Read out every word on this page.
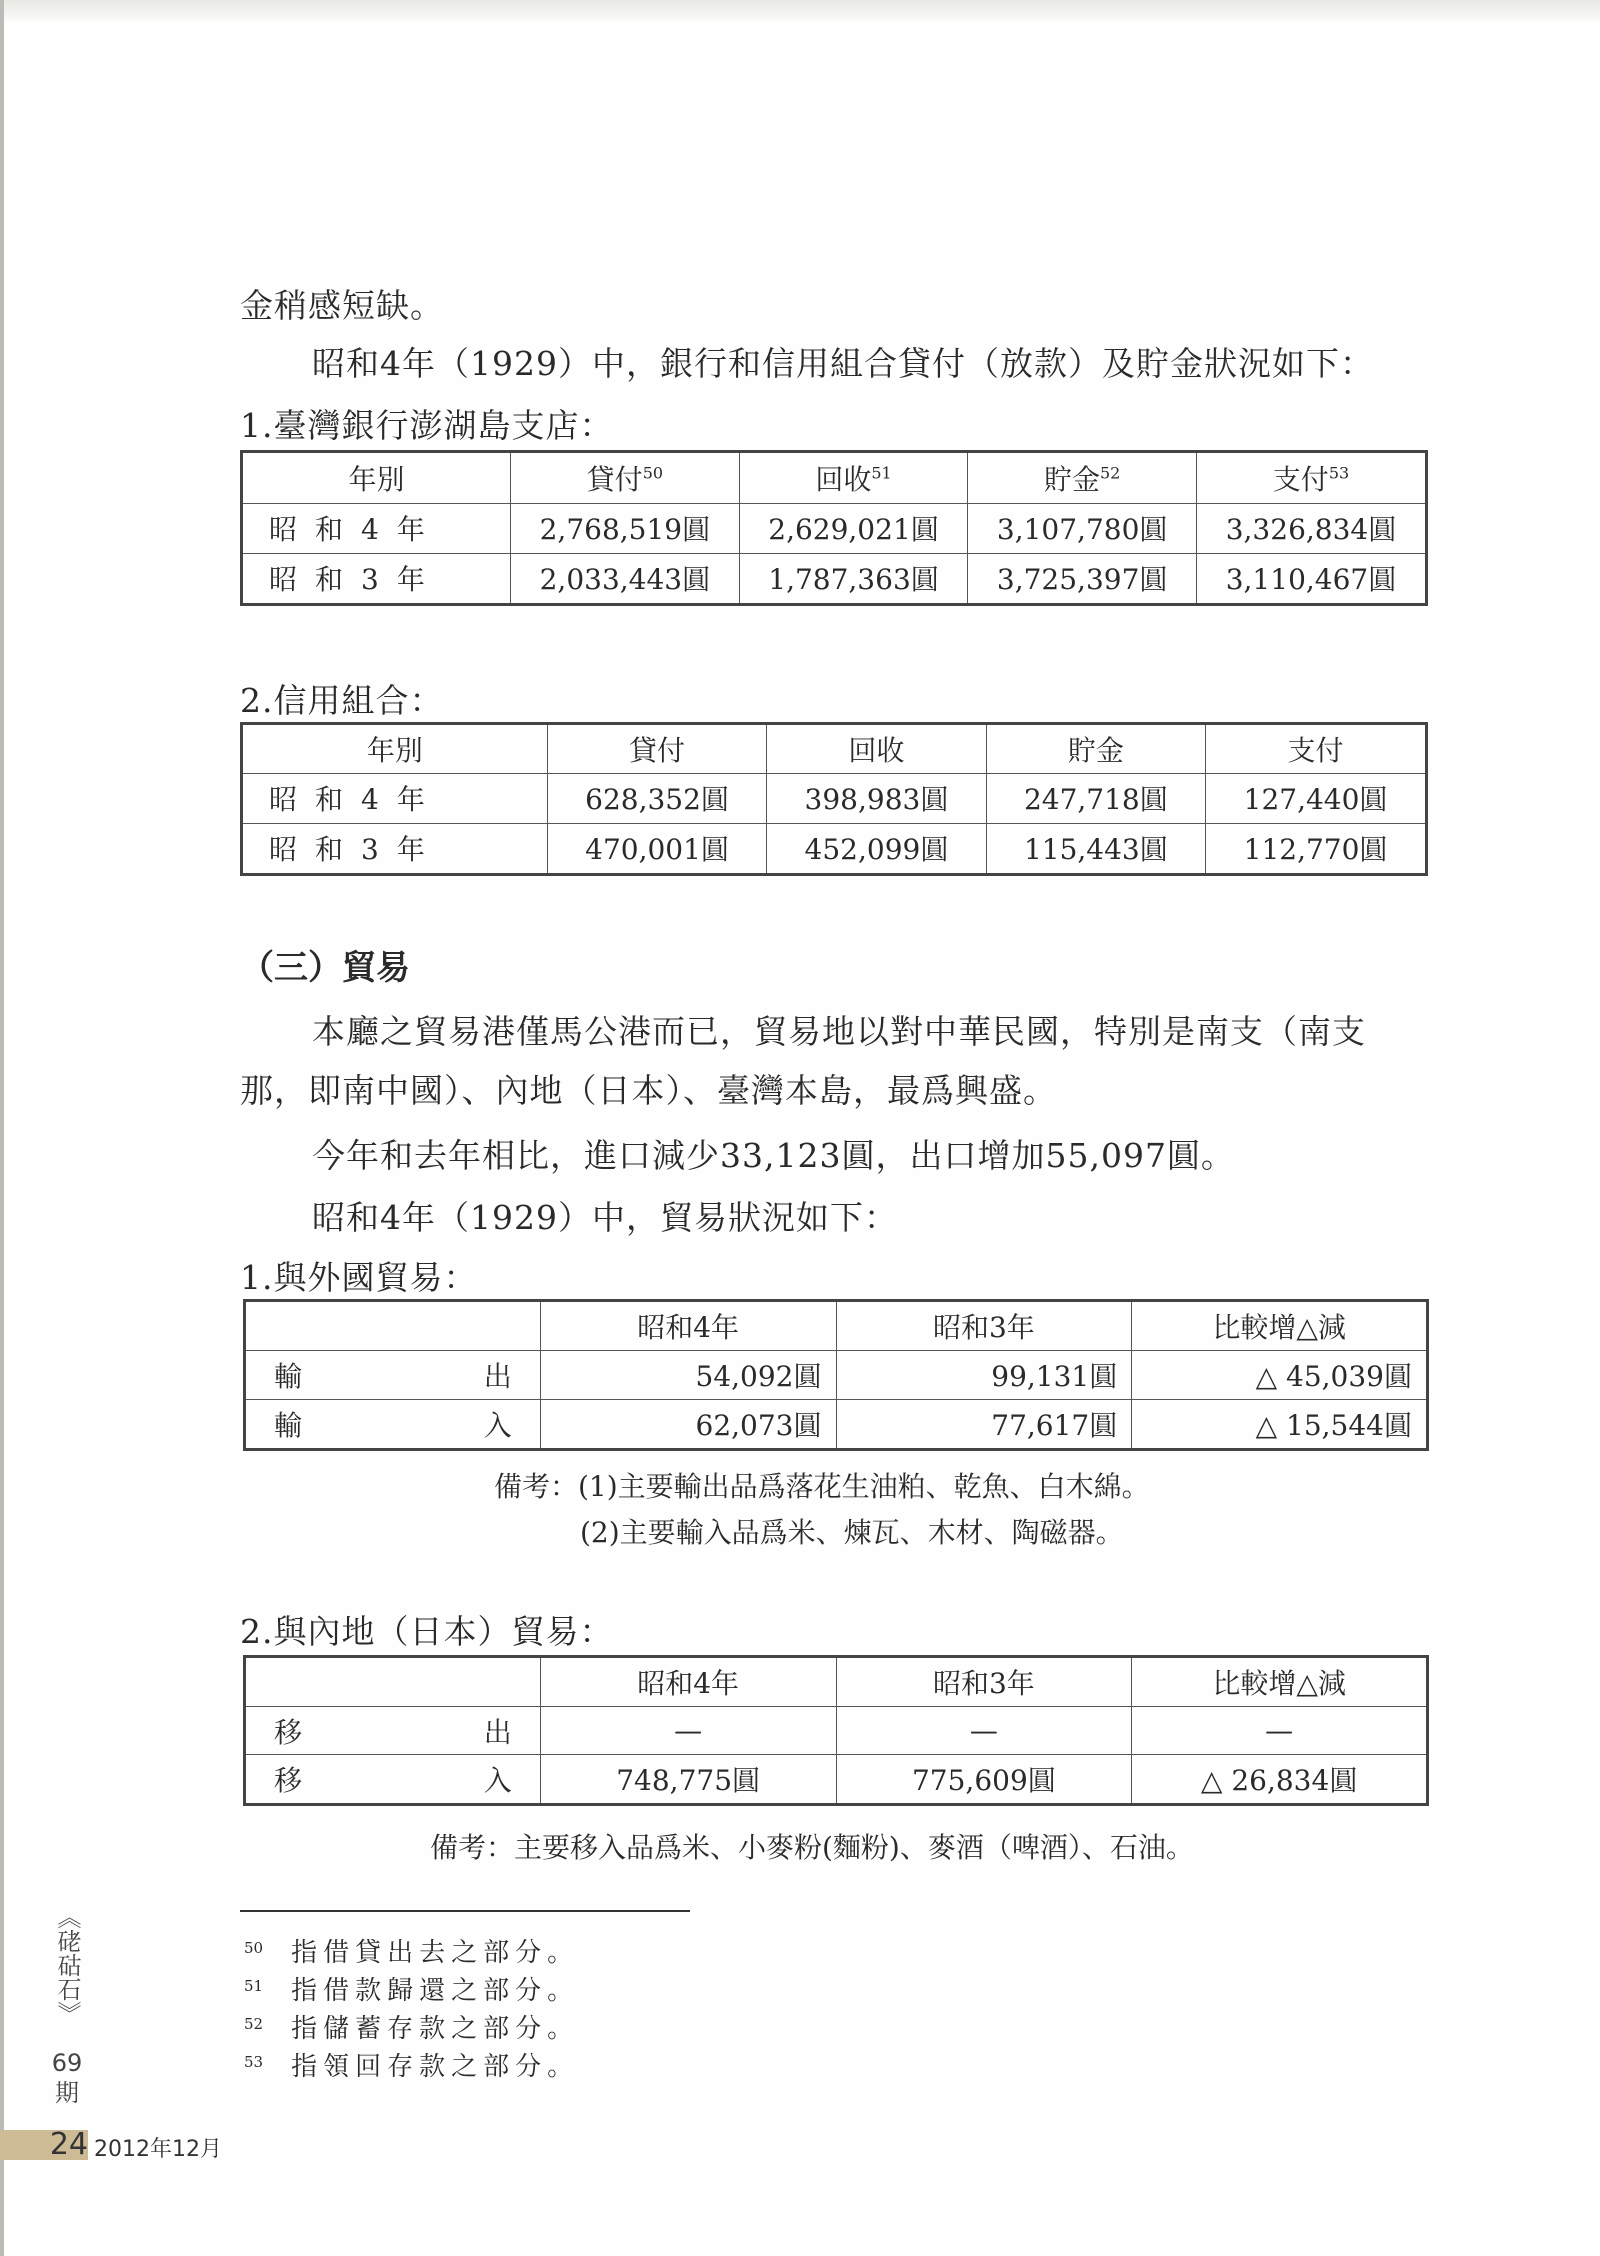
金稍感短缺。
昭和4年（1929）中，銀行和信用組合貸付（放款）及貯金狀況如下：
1.臺灣銀行澎湖島支店：
年別	貸付$^{50}$	回收$^{51}$	貯金$^{52}$	支付$^{53}$
昭和4年	2,768,519圓	2,629,021圓	3,107,780圓	3,326,834圓
昭和3年	2,033,443圓	1,787,363圓	3,725,397圓	3,110,467圓
2.信用組合：
年別	貸付	回收	貯金	支付
昭和4年	628,352圓	398,983圓	247,718圓	127,440圓
昭和3年	470,001圓	452,099圓	115,443圓	112,770圓
（三）貿易
本廳之貿易港僅馬公港而已，貿易地以對中華民國，特別是南支（南支
那，即南中國）、內地（日本）、臺灣本島，最爲興盛。
今年和去年相比，進口減少33,123圓，出口增加55,097圓。
昭和4年（1929）中，貿易狀況如下：
1.與外國貿易：
	昭和4年	昭和3年	比較增△減

輸 出	54,092圓	99,131圓	△ 45,039圓

輸 入	62,073圓	77,617圓	△ 15,544圓
備考：(1)主要輸出品爲落花生油粕、乾魚、白木綿。
(2)主要輸入品爲米、煉瓦、木材、陶磁器。
2.與內地（日本）貿易：
	昭和4年	昭和3年	比較增△減

移 出	—	—	—

移 入	748,775圓	775,609圓	△ 26,834圓
備考：主要移入品爲米、小麥粉(麵粉)、麥酒（啤酒）、石油。
$^{50}$ 指借貸出去之部分。
$^{51}$ 指借款歸還之部分。
$^{52}$ 指儲蓄存款之部分。
$^{53}$ 指領回存款之部分。
《硓𥑮石》
69
期
24 2012年12月
